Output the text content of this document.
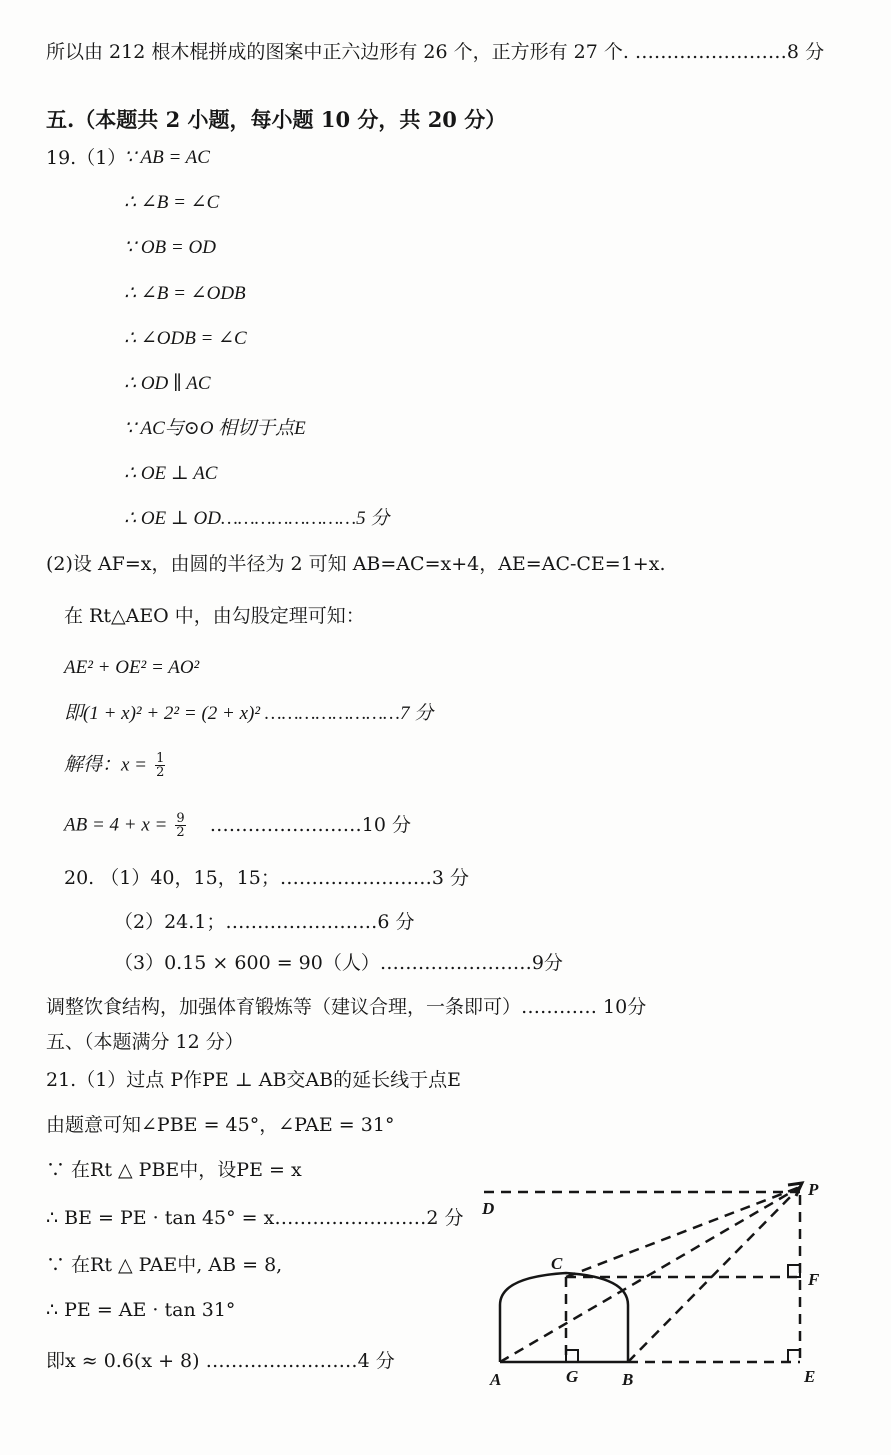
所以由 212 根木棍拼成的图案中正六边形有 26 个，正方形有 27 个. ……………………8 分
五.（本题共 2 小题，每小题 10 分，共 20 分）
19.（1）
∵ AB = AC
∴ ∠B = ∠C
∵ OB = OD
∴ ∠B = ∠ODB
∴ ∠ODB = ∠C
∴ OD ∥ AC
∵ AC与⊙O 相切于点E
∴ OE ⊥ AC
∴ OE ⊥ OD……………………5 分
(2)设 AF=x，由圆的半径为 2 可知 AB=AC=x+4，AE=AC-CE=1+x.
在 Rt△AEO 中，由勾股定理可知：
AE² + OE² = AO²
即(1 + x)² + 2² = (2 + x)² ……………………7 分
解得：$x = \frac{1}{2}$
AB = $4 + x = \frac{9}{2}$ ……………………10 分
20. （1）40，15，15；……………………3 分
（2）24.1；……………………6 分
（3）0.15 × 600 = 90（人）……………………9分
调整饮食结构，加强体育锻炼等（建议合理，一条即可）………… 10分
五、（本题满分 12 分）
21.（1）过点 P作PE ⊥ AB交AB的延长线于点E
由题意可知∠PBE = 45°，∠PAE = 31°
∵ 在Rt △ PBE中，设PE = x
∴ BE = PE · tan 45° = x……………………2 分
∵ 在Rt △ PAE中, AB = 8,
∴ PE = AE · tan 31°
即x ≈ 0.6(x + 8) ……………………4 分
P
D
C
F
A	G	B	E
